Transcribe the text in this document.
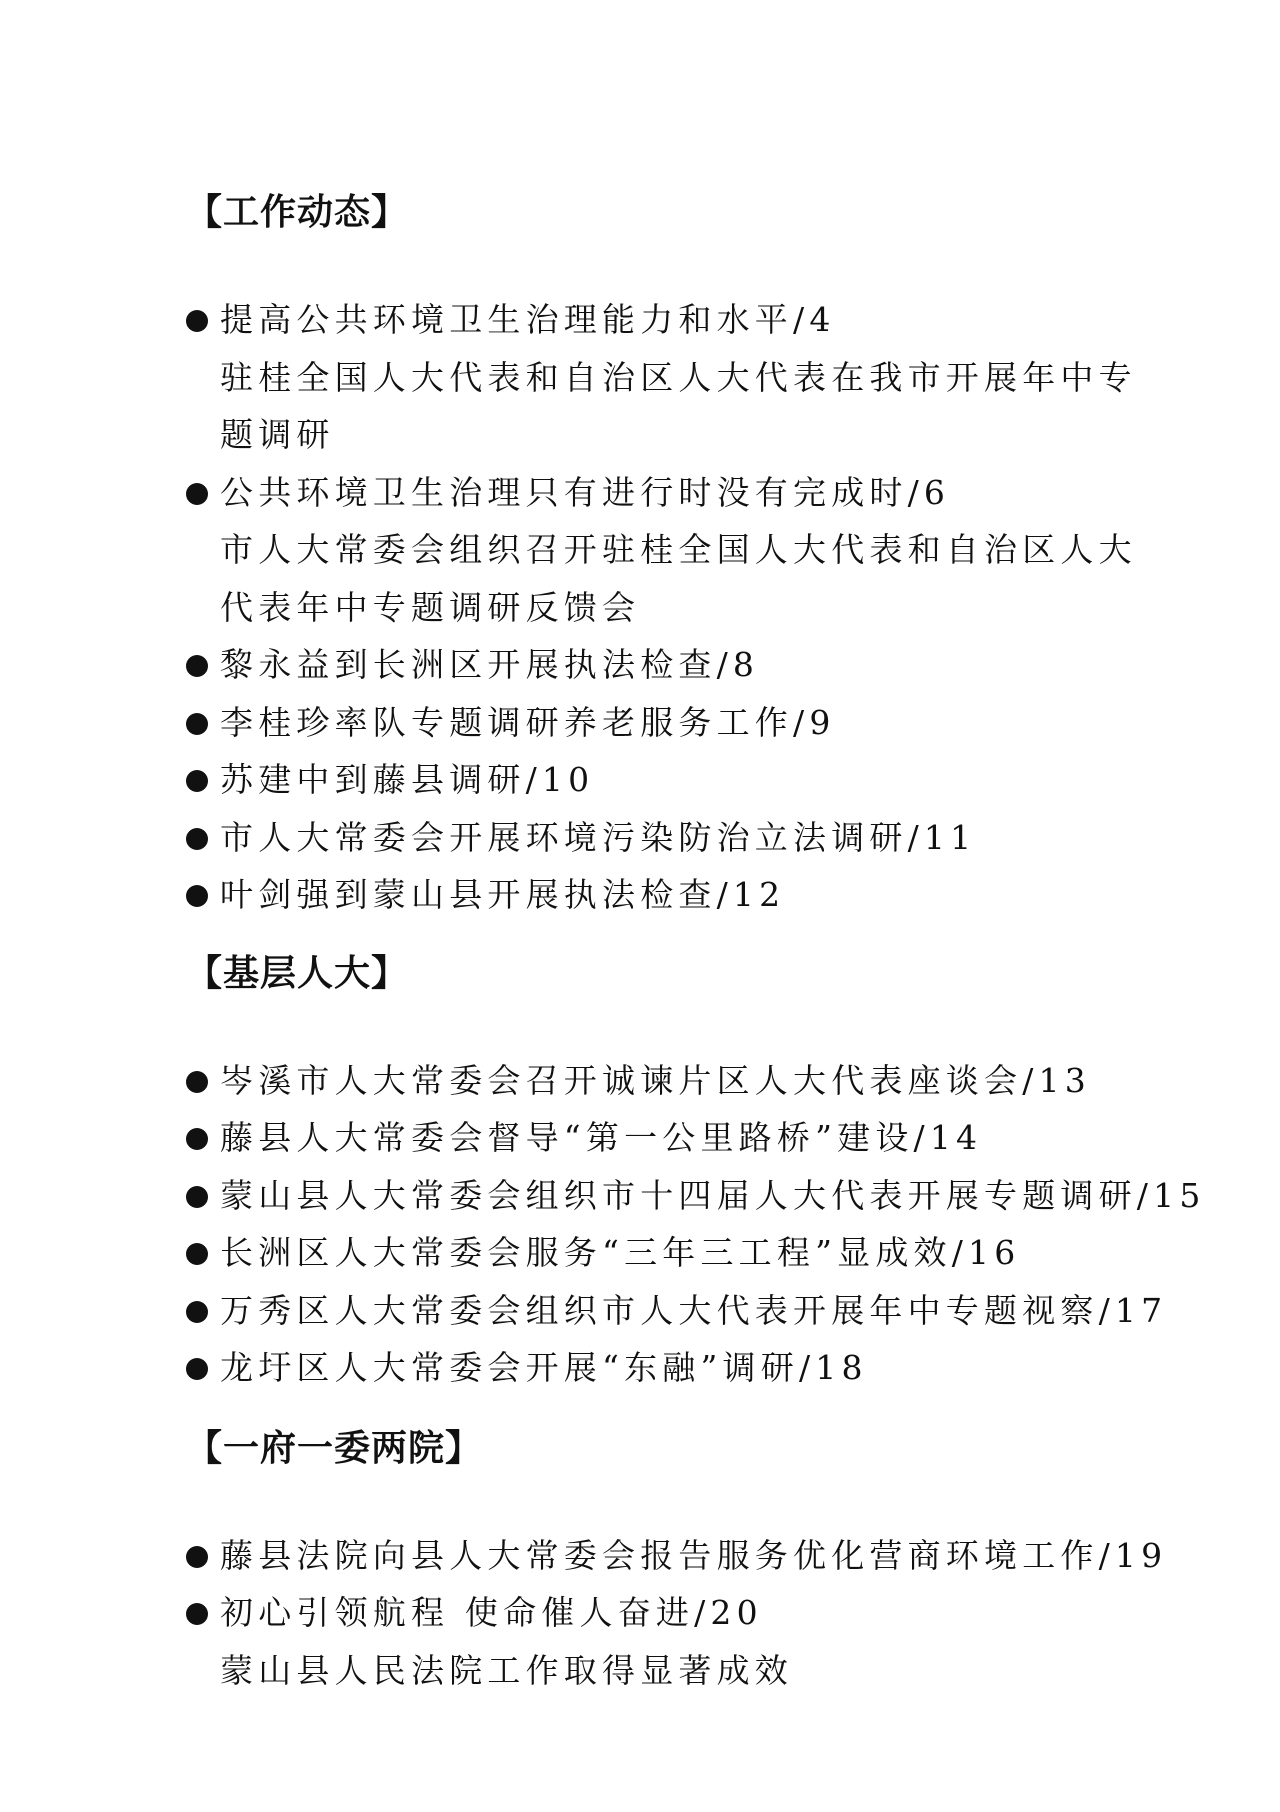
【工作动态】
提高公共环境卫生治理能力和水平/4
驻桂全国人大代表和自治区人大代表在我市开展年中专题调研
公共环境卫生治理只有进行时没有完成时/6
市人大常委会组织召开驻桂全国人大代表和自治区人大代表年中专题调研反馈会
黎永益到长洲区开展执法检查/8
李桂珍率队专题调研养老服务工作/9
苏建中到藤县调研/10
市人大常委会开展环境污染防治立法调研/11
叶剑强到蒙山县开展执法检查/12
【基层人大】
岑溪市人大常委会召开诚谏片区人大代表座谈会/13
藤县人大常委会督导“第一公里路桥”建设/14
蒙山县人大常委会组织市十四届人大代表开展专题调研/15
长洲区人大常委会服务“三年三工程”显成效/16
万秀区人大常委会组织市人大代表开展年中专题视察/17
龙圩区人大常委会开展“东融”调研/18
【一府一委两院】
藤县法院向县人大常委会报告服务优化营商环境工作/19
初心引领航程 使命催人奋进/20
蒙山县人民法院工作取得显著成效
